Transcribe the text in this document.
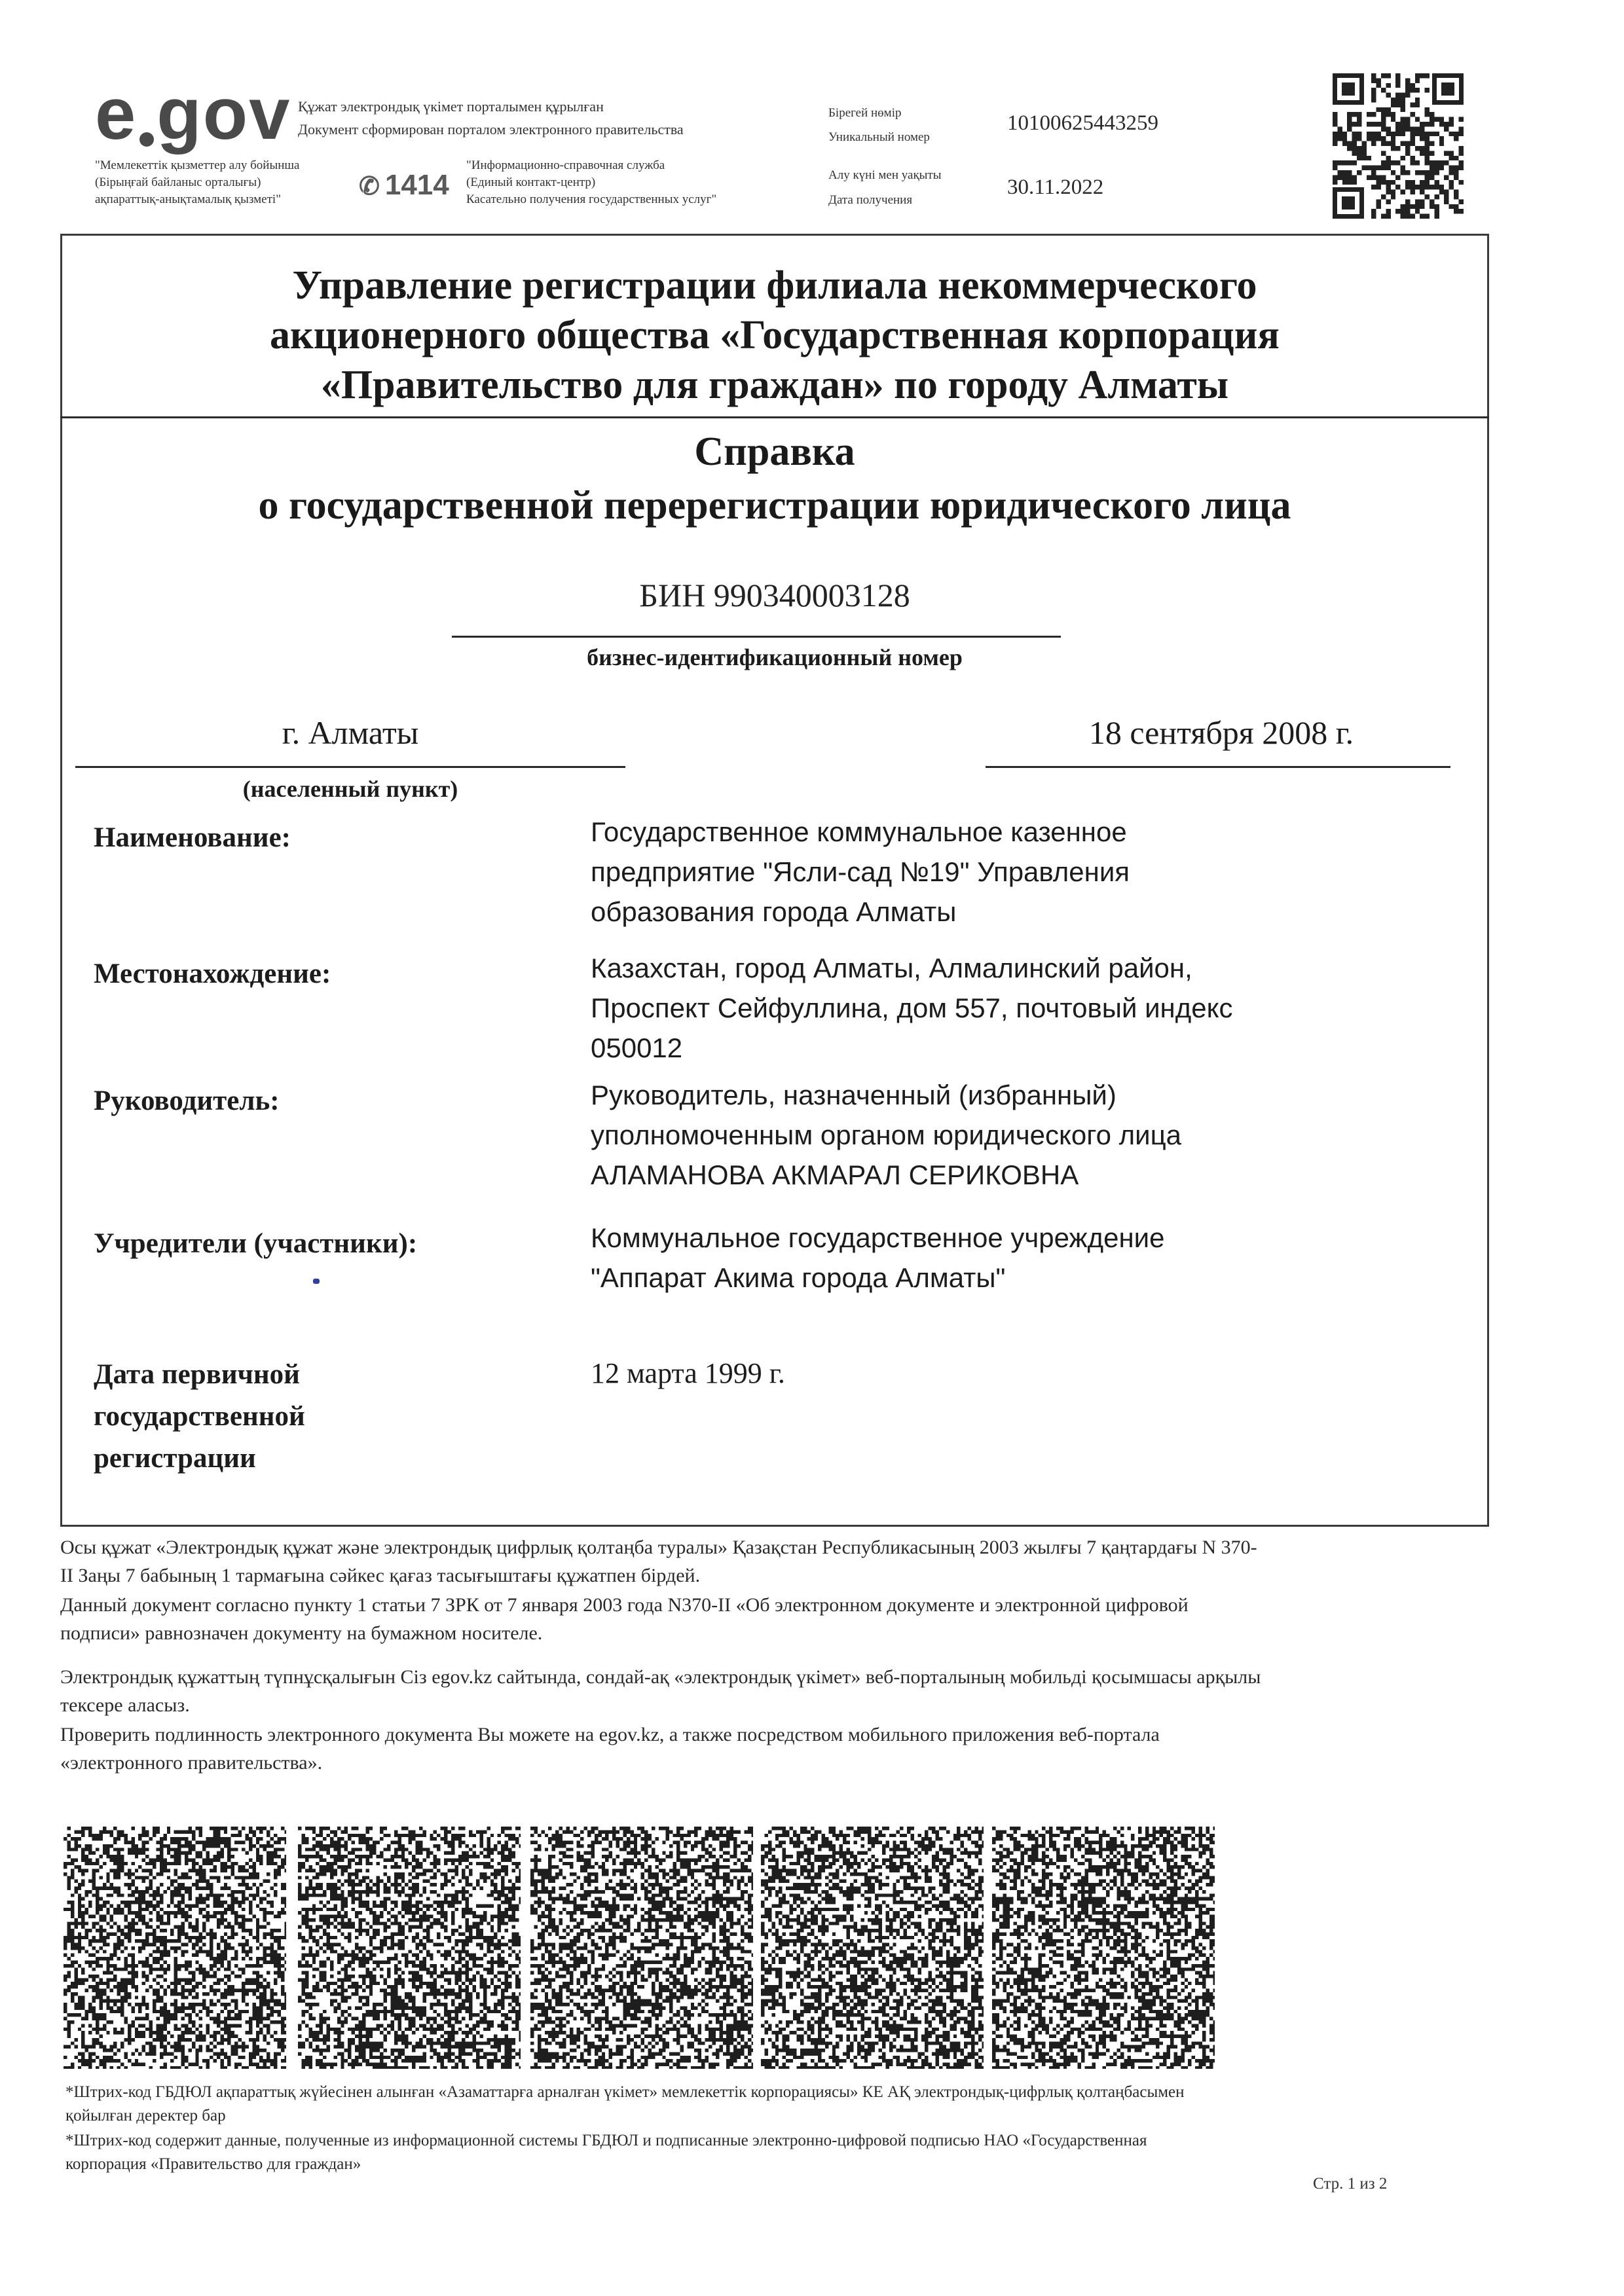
e gov Құжат электрондық үкімет порталымен құрылған
Документ сформирован порталом электронного правительства
"Мемлекеттік қызметтер алу бойынша
(Бірыңғай байланыс орталығы)
ақпараттық-анықтамалық қызметі"	✆ 1414
"Информационно-справочная служба
(Единый контакт-центр)
Касательно получения государственных услуг"
Бірегей нөмір
Уникальный номер
10100625443259
Алу күні мен уақыты
Дата получения
30.11.2022
Управление регистрации филиала некоммерческого
акционерного общества «Государственная корпорация
«Правительство для граждан» по городу Алматы
Справка
о государственной перерегистрации юридического лица
БИН 990340003128
бизнес-идентификационный номер
г. Алматы
(населенный пункт)
18 сентября 2008 г.
Наименование:	Государственное коммунальное казенное
предприятие "Ясли-сад №19" Управления
образования города Алматы
Местонахождение:	Казахстан, город Алматы, Алмалинский район,
Проспект Сейфуллина, дом 557, почтовый индекс
050012
Руководитель:	Руководитель, назначенный (избранный)
уполномоченным органом юридического лица
АЛАМАНОВА АКМАРАЛ СЕРИКОВНА
Учредители (участники):	Коммунальное государственное учреждение
"Аппарат Акима города Алматы"
Дата первичной
государственной
регистрации
12 марта 1999 г.
Осы құжат «Электрондық құжат және электрондық цифрлық қолтаңба туралы» Қазақстан Республикасының 2003 жылғы 7 қаңтардағы N 370-
II Заңы 7 бабының 1 тармағына сәйкес қағаз тасығыштағы құжатпен бірдей.
Данный документ согласно пункту 1 статьи 7 ЗРК от 7 января 2003 года N370-II «Об электронном документе и электронной цифровой
подписи» равнозначен документу на бумажном носителе.
Электрондық құжаттың түпнұсқалығын Сіз egov.kz сайтында, сондай-ақ «электрондық үкімет» веб-порталының мобильді қосымшасы арқылы
тексере аласыз.
Проверить подлинность электронного документа Вы можете на egov.kz, а также посредством мобильного приложения веб-портала
«электронного правительства».
*Штрих-код ГБДЮЛ ақпараттық жүйесінен алынған «Азаматтарға арналған үкімет» мемлекеттік корпорациясы» КЕ АҚ электрондық-цифрлық қолтаңбасымен
қойылған деректер бар
*Штрих-код содержит данные, полученные из информационной системы ГБДЮЛ и подписанные электронно-цифровой подписью НАО «Государственная
корпорация «Правительство для граждан»
Стр. 1 из 2
